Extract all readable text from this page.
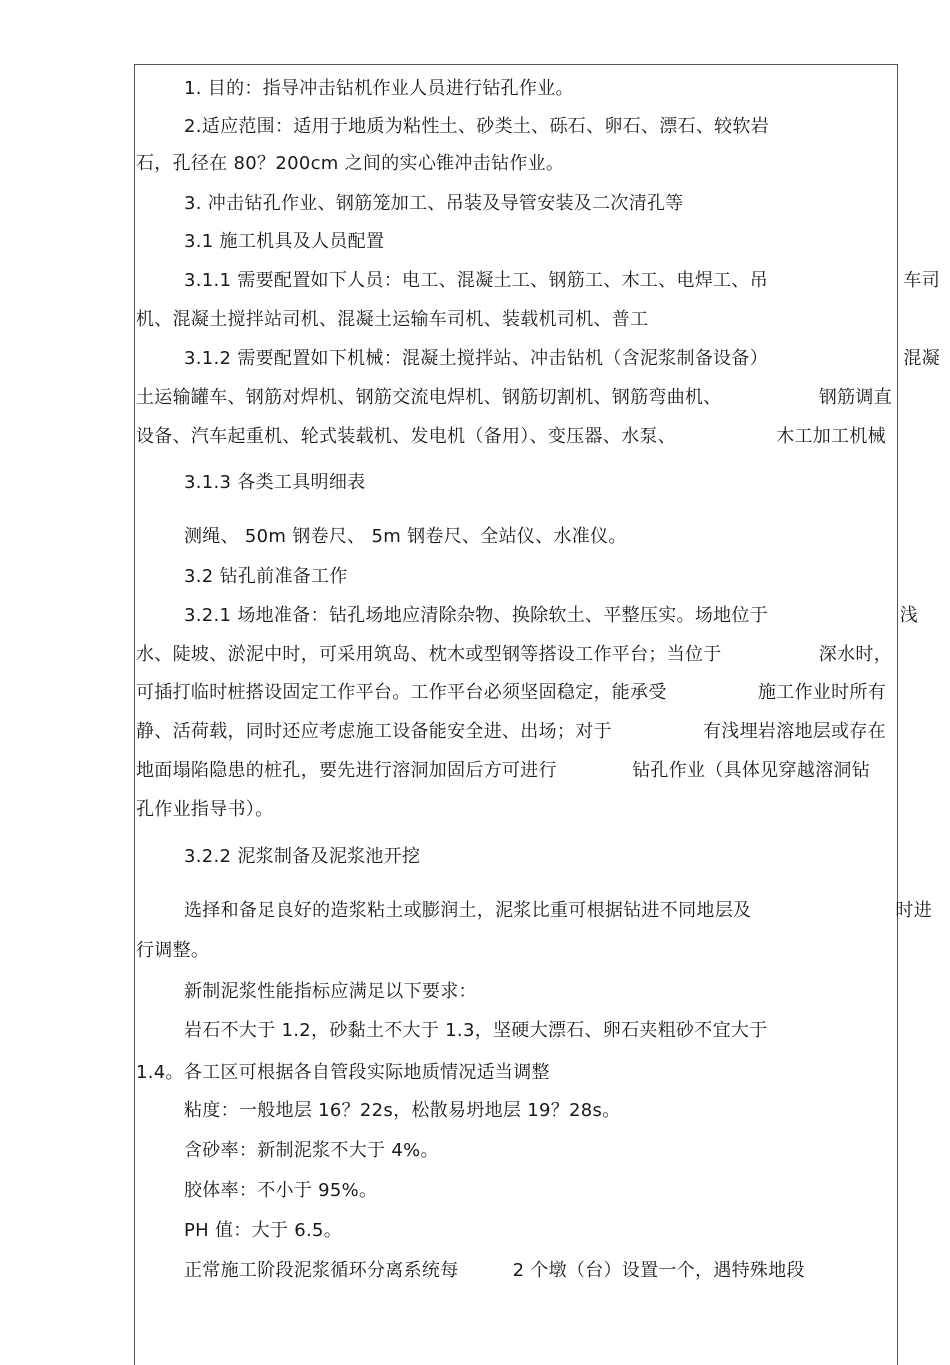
1. 目的：指导冲击钻机作业人员进行钻孔作业。
2.适应范围：适用于地质为粘性土、砂类土、砾石、卵石、漂石、较软岩
石，孔径在 80？200cm 之间的实心锥冲击钻作业。
3. 冲击钻孔作业、钢筋笼加工、吊装及导管安装及二次清孔等
3.1 施工机具及人员配置
3.1.1 需要配置如下人员：电工、混凝土工、钢筋工、木工、电焊工、吊	车司
机、混凝土搅拌站司机、混凝土运输车司机、装载机司机、普工
3.1.2 需要配置如下机械：混凝土搅拌站、冲击钻机（含泥浆制备设备）	混凝
土运输罐车、钢筋对焊机、钢筋交流电焊机、钢筋切割机、钢筋弯曲机、	钢筋调直
设备、汽车起重机、轮式装载机、发电机（备用）、变压器、水泵、	木工加工机械
3.1.3 各类工具明细表
测绳、 50m 钢卷尺、 5m 钢卷尺、全站仪、水准仪。
3.2 钻孔前准备工作
3.2.1 场地准备：钻孔场地应清除杂物、换除软土、平整压实。场地位于	浅
水、陡坡、淤泥中时，可采用筑岛、枕木或型钢等搭设工作平台；当位于	深水时，
可插打临时桩搭设固定工作平台。工作平台必须坚固稳定，能承受	施工作业时所有
静、活荷载，同时还应考虑施工设备能安全进、出场；对于	有浅埋岩溶地层或存在
地面塌陷隐患的桩孔，要先进行溶洞加固后方可进行	钻孔作业（具体见穿越溶洞钻
孔作业指导书）。
3.2.2 泥浆制备及泥浆池开挖
选择和备足良好的造浆粘土或膨润土，泥浆比重可根据钻进不同地层及	时进
行调整。
新制泥浆性能指标应满足以下要求：
岩石不大于 1.2，砂黏土不大于 1.3，坚硬大漂石、卵石夹粗砂不宜大于
1.4。各工区可根据各自管段实际地质情况适当调整
粘度：一般地层 16？22s，松散易坍地层 19？28s。
含砂率：新制泥浆不大于 4%。
胶体率：不小于 95%。
PH 值：大于 6.5。
正常施工阶段泥浆循环分离系统每	2 个墩（台）设置一个，遇特殊地段
